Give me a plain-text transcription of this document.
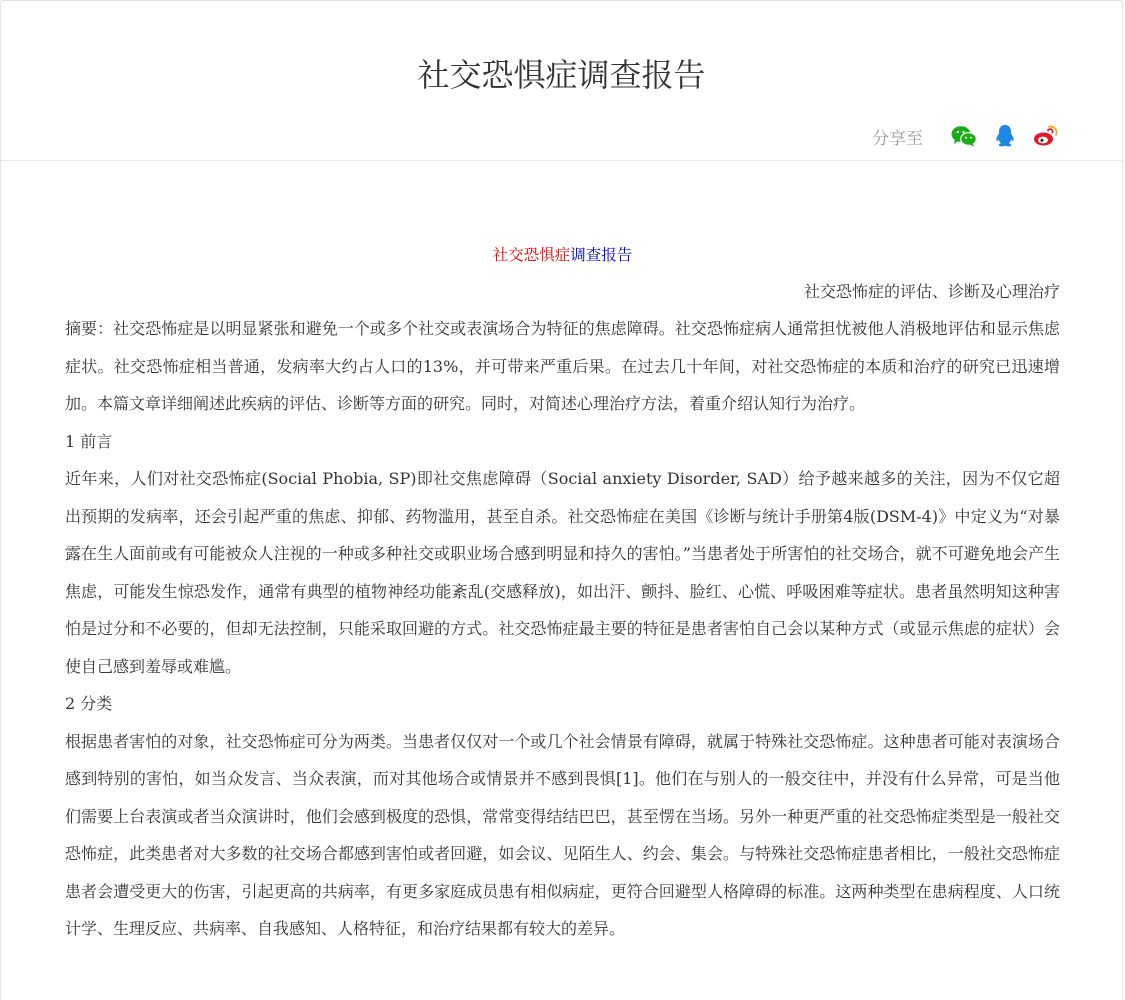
社交恐惧症调查报告
分享至

社交恐惧症调查报告

社交恐怖症的评估、诊断及心理治疗

摘要：社交恐怖症是以明显紧张和避免一个或多个社交或表演场合为特征的焦虑障碍。社交恐怖症病人通常担忧被他人消极地评估和显示焦虑症状。社交恐怖症相当普通，发病率大约占人口的13%，并可带来严重后果。在过去几十年间，对社交恐怖症的本质和治疗的研究已迅速增加。本篇文章详细阐述此疾病的评估、诊断等方面的研究。同时，对简述心理治疗方法，着重介绍认知行为治疗。

1 前言

近年来，人们对社交恐怖症(Social Phobia, SP)即社交焦虑障碍（Social anxiety Disorder, SAD）给予越来越多的关注，因为不仅它超出预期的发病率，还会引起严重的焦虑、抑郁、药物滥用，甚至自杀。社交恐怖症在美国《诊断与统计手册第4版(DSM-4)》中定义为“对暴露在生人面前或有可能被众人注视的一种或多种社交或职业场合感到明显和持久的害怕。”当患者处于所害怕的社交场合，就不可避免地会产生焦虑，可能发生惊恐发作，通常有典型的植物神经功能紊乱(交感释放)，如出汗、颤抖、脸红、心慌、呼吸困难等症状。患者虽然明知这种害怕是过分和不必要的，但却无法控制，只能采取回避的方式。社交恐怖症最主要的特征是患者害怕自己会以某种方式（或显示焦虑的症状）会使自己感到羞辱或难尴。

2 分类

根据患者害怕的对象，社交恐怖症可分为两类。当患者仅仅对一个或几个社会情景有障碍，就属于特殊社交恐怖症。这种患者可能对表演场合感到特别的害怕，如当众发言、当众表演，而对其他场合或情景并不感到畏惧[1]。他们在与别人的一般交往中，并没有什么异常，可是当他们需要上台表演或者当众演讲时，他们会感到极度的恐惧，常常变得结结巴巴，甚至愣在当场。另外一种更严重的社交恐怖症类型是一般社交恐怖症，此类患者对大多数的社交场合都感到害怕或者回避，如会议、见陌生人、约会、集会。与特殊社交恐怖症患者相比，一般社交恐怖症患者会遭受更大的伤害，引起更高的共病率，有更多家庭成员患有相似病症，更符合回避型人格障碍的标准。这两种类型在患病程度、人口统计学、生理反应、共病率、自我感知、人格特征，和治疗结果都有较大的差异。
